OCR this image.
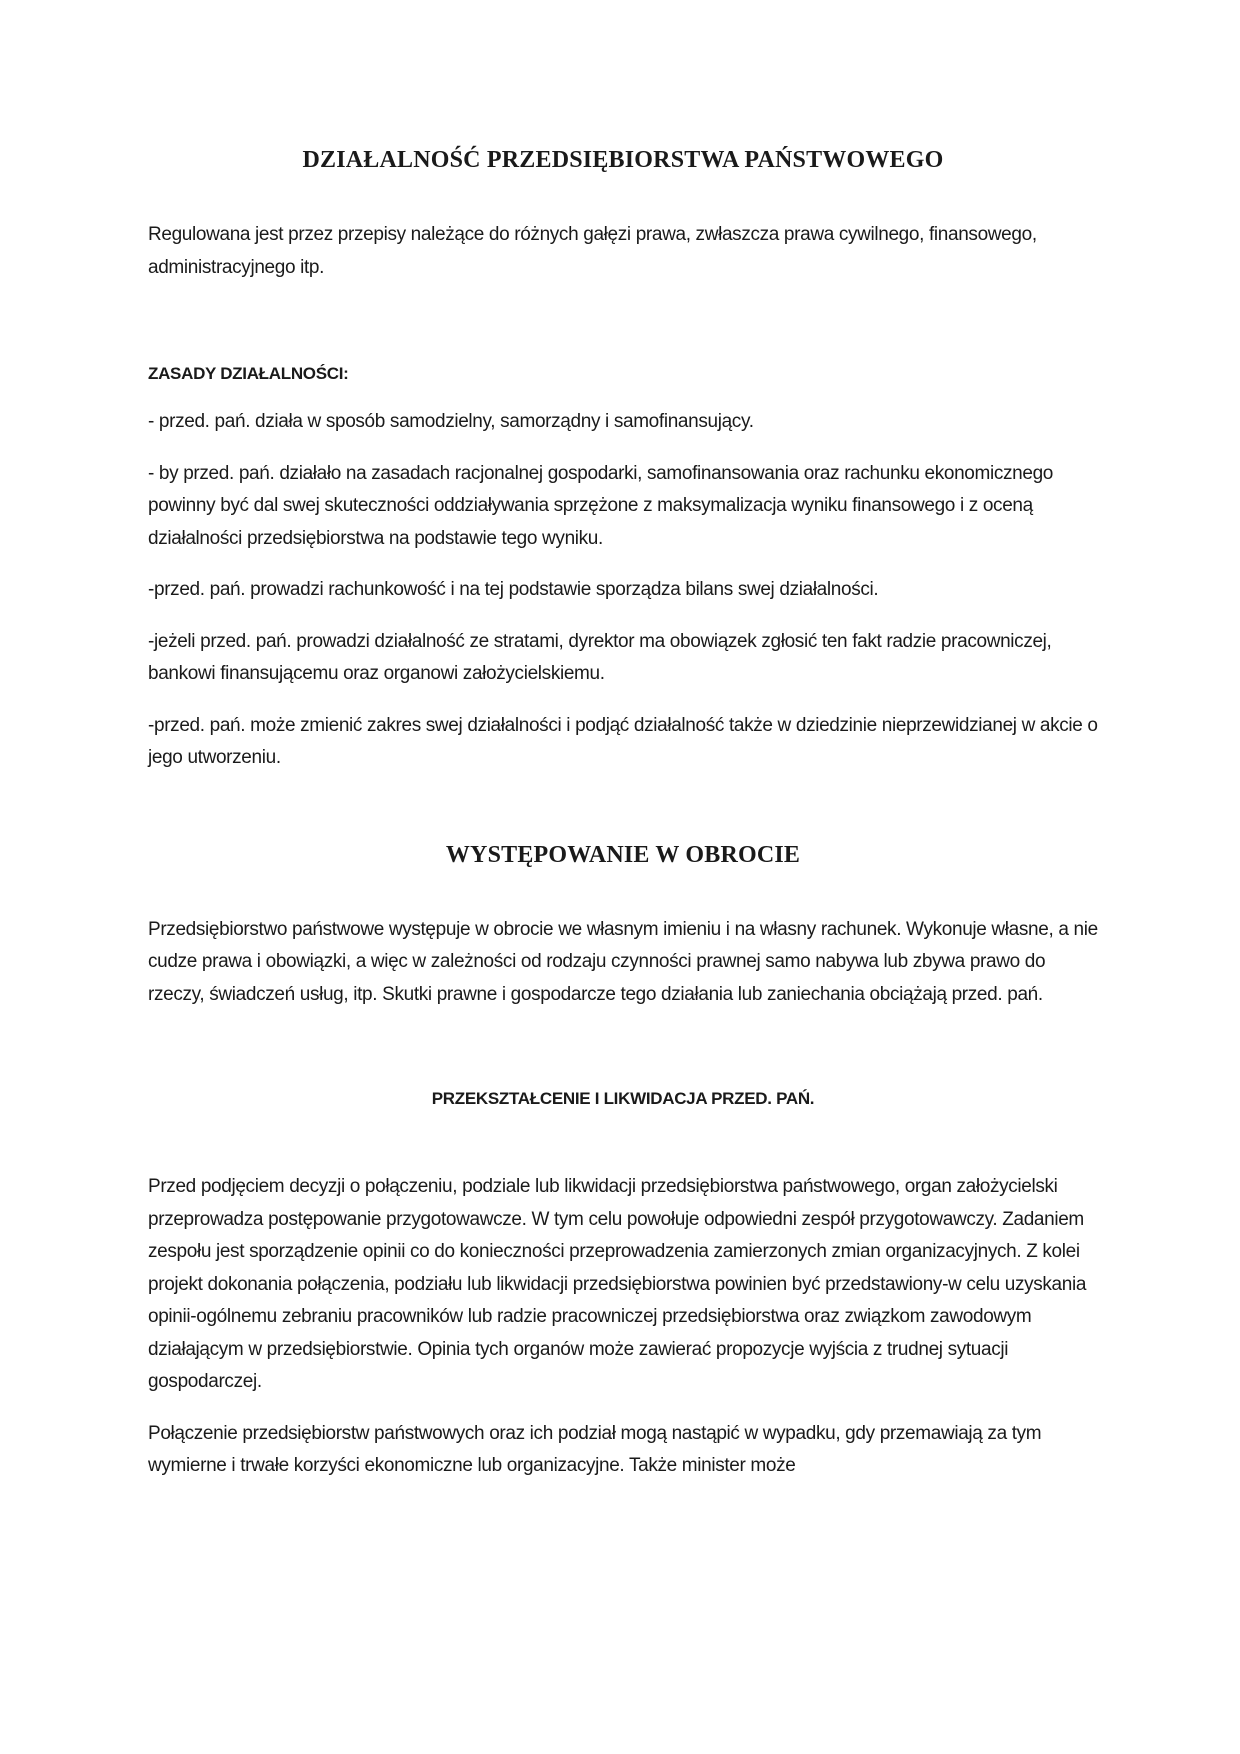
DZIAŁALNOŚĆ PRZEDSIĘBIORSTWA PAŃSTWOWEGO

Regulowana jest przez przepisy należące do różnych gałęzi prawa, zwłaszcza prawa cywilnego, finansowego, administracyjnego itp.

ZASADY DZIAŁALNOŚCI:

- przed. pań. działa w sposób samodzielny, samorządny i samofinansujący.

- by przed. pań. działało na zasadach racjonalnej gospodarki, samofinansowania oraz rachunku ekonomicznego powinny być dal swej skuteczności oddziaływania sprzężone z maksymalizacja wyniku finansowego i z oceną działalności przedsiębiorstwa na podstawie tego wyniku.

-przed. pań. prowadzi rachunkowość i na tej podstawie sporządza bilans swej działalności.

-jeżeli przed. pań. prowadzi działalność ze stratami, dyrektor ma obowiązek zgłosić ten fakt radzie pracowniczej, bankowi finansującemu oraz organowi założycielskiemu.

-przed. pań. może zmienić zakres swej działalności i podjąć działalność także w dziedzinie nieprzewidzianej w akcie o jego utworzeniu.

WYSTĘPOWANIE W OBROCIE

Przedsiębiorstwo państwowe występuje w obrocie we własnym imieniu i na własny rachunek. Wykonuje własne, a nie cudze prawa i obowiązki, a więc w zależności od rodzaju czynności prawnej samo nabywa lub zbywa prawo do rzeczy, świadczeń usług, itp. Skutki prawne i gospodarcze tego działania lub zaniechania obciążają przed. pań.

PRZEKSZTAŁCENIE I LIKWIDACJA PRZED. PAŃ.

Przed podjęciem decyzji o połączeniu, podziale lub likwidacji przedsiębiorstwa państwowego, organ założycielski przeprowadza postępowanie przygotowawcze. W tym celu powołuje odpowiedni zespół przygotowawczy. Zadaniem zespołu jest sporządzenie opinii co do konieczności przeprowadzenia zamierzonych zmian organizacyjnych. Z kolei projekt dokonania połączenia, podziału lub likwidacji przedsiębiorstwa powinien być przedstawiony-w celu uzyskania opinii-ogólnemu zebraniu pracowników lub radzie pracowniczej przedsiębiorstwa oraz związkom zawodowym działającym w przedsiębiorstwie. Opinia tych organów może zawierać propozycje wyjścia z trudnej sytuacji gospodarczej.

Połączenie przedsiębiorstw państwowych oraz ich podział mogą nastąpić w wypadku, gdy przemawiają za tym wymierne i trwałe korzyści ekonomiczne lub organizacyjne. Także minister może
